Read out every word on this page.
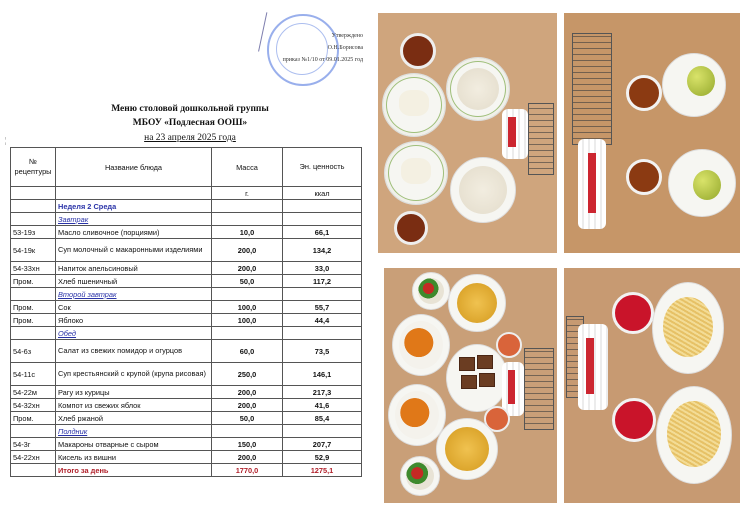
Утверждено
О.Н.Борисова
приказ №1/10 от 09.01.2025 год
Меню столовой дошкольной группы
МБОУ «Подлесная ООШ»
на 23 апреля 2025 года
¦
№ рецептуры	Название блюда	Масса	Эн. ценность
		г.	ккал
	Неделя 2 Среда		
	Завтрак		
53-19з	Масло сливочное (порциями)	10,0	66,1
54-19к	Суп молочный с макаронными изделиями	200,0	134,2
54-33хн	Напиток апельсиновый	200,0	33,0
Пром.	Хлеб пшеничный	50,0	117,2
	Второй завтрак		
Пром.	Сок	100,0	55,7
Пром.	Яблоко	100,0	44,4
	Обед		
54-6з	Салат из свежих помидор и огурцов	60,0	73,5
54-11с	Суп крестьянский с крупой (крупа рисовая)	250,0	146,1
54-22м	Рагу из курицы	200,0	217,3
54-32хн	Компот из свежих яблок	200,0	41,6
Пром.	Хлеб ржаной	50,0	85,4
	Полдник		
54-3г	Макароны отварные с сыром	150,0	207,7
54-22хн	Кисель из вишни	200,0	52,9
	Итого за день	1770,0	1275,1
